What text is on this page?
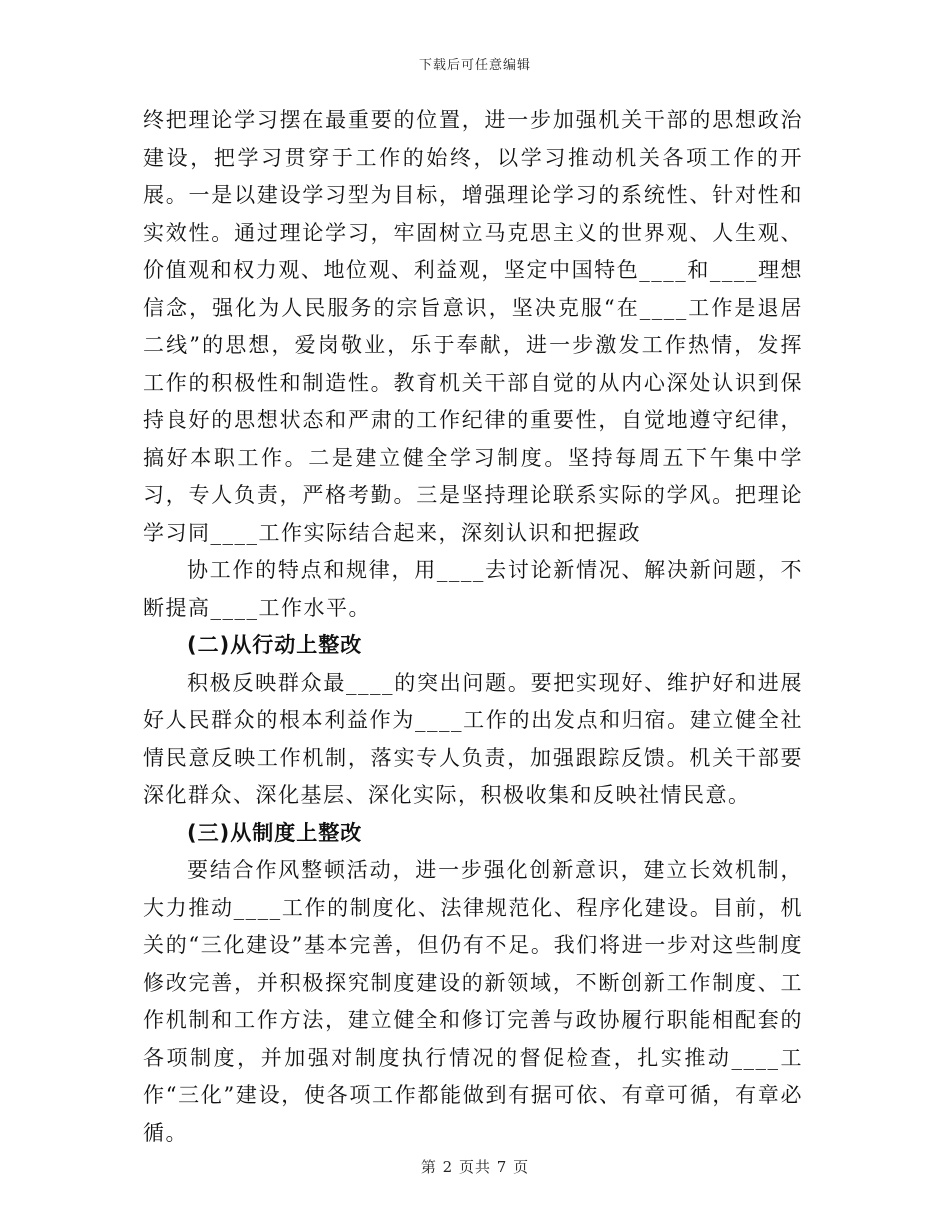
下载后可任意编辑

终把理论学习摆在最重要的位置，进一步加强机关干部的思想政治建设，把学习贯穿于工作的始终，以学习推动机关各项工作的开展。一是以建设学习型为目标，增强理论学习的系统性、针对性和实效性。通过理论学习，牢固树立马克思主义的世界观、人生观、价值观和权力观、地位观、利益观，坚定中国特色____和____理想信念，强化为人民服务的宗旨意识，坚决克服“在____工作是退居二线”的思想，爱岗敬业，乐于奉献，进一步激发工作热情，发挥工作的积极性和制造性。教育机关干部自觉的从内心深处认识到保持良好的思想状态和严肃的工作纪律的重要性，自觉地遵守纪律，搞好本职工作。二是建立健全学习制度。坚持每周五下午集中学习，专人负责，严格考勤。三是坚持理论联系实际的学风。把理论学习同____工作实际结合起来，深刻认识和把握政

协工作的特点和规律，用____去讨论新情况、解决新问题，不断提高____工作水平。

(二)从行动上整改

积极反映群众最____的突出问题。要把实现好、维护好和进展好人民群众的根本利益作为____工作的出发点和归宿。建立健全社情民意反映工作机制，落实专人负责，加强跟踪反馈。机关干部要深化群众、深化基层、深化实际，积极收集和反映社情民意。

(三)从制度上整改

要结合作风整顿活动，进一步强化创新意识，建立长效机制，大力推动____工作的制度化、法律规范化、程序化建设。目前，机关的“三化建设”基本完善，但仍有不足。我们将进一步对这些制度修改完善，并积极探究制度建设的新领域，不断创新工作制度、工作机制和工作方法，建立健全和修订完善与政协履行职能相配套的各项制度，并加强对制度执行情况的督促检查，扎实推动____工作“三化”建设，使各项工作都能做到有据可依、有章可循，有章必循。

第 2 页共 7 页
